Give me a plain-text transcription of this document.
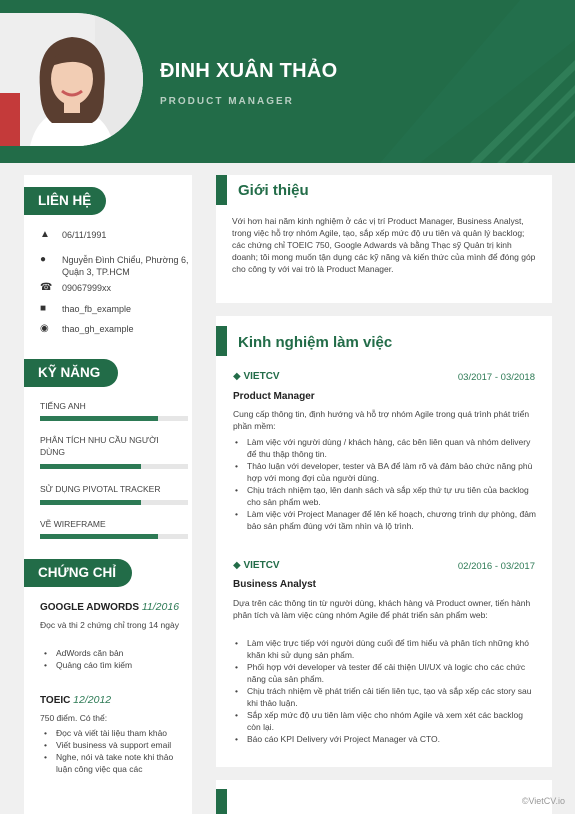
ĐINH XUÂN THẢO
PRODUCT MANAGER
LIÊN HỆ
▲	06/11/1991
●	Nguyễn Đình Chiểu, Phường 6, Quận 3, TP.HCM
☎	09067999xx
■	thao_fb_example
◉	thao_gh_example
KỸ NĂNG
TIẾNG ANH
PHÂN TÍCH NHU CẦU NGƯỜI DÙNG
SỬ DỤNG PIVOTAL TRACKER
VẼ WIREFRAME
CHỨNG CHỈ
GOOGLE ADWORDS 11/2016
Đọc và thi 2 chứng chỉ trong 14 ngày
• AdWords căn bản
• Quảng cáo tìm kiếm
TOEIC 12/2012
750 điểm. Có thể:
• Đọc và viết tài liệu tham khảo
• Viết business và support email
• Nghe, nói và take note khi thảo luận công việc qua các
Giới thiệu
Với hơn hai năm kinh nghiệm ở các vị trí Product Manager, Business Analyst, trong việc hỗ trợ nhóm Agile, tạo, sắp xếp mức độ ưu tiên và quản lý backlog; các chứng chỉ TOEIC 750, Google Adwards và bằng Thạc sỹ Quản trị kinh doanh; tôi mong muốn tận dụng các kỹ năng và kiến thức của mình để đóng góp cho công ty với vai trò là Product Manager.
Kinh nghiệm làm việc
◆ VIETCV	03/2017 - 03/2018
Product Manager
Cung cấp thông tin, định hướng và hỗ trợ nhóm Agile trong quá trình phát triển phần mềm:
• Làm việc với người dùng / khách hàng, các bên liên quan và nhóm delivery để thu thập thông tin.
• Thảo luận với developer, tester và BA để làm rõ và đảm bảo chức năng phù hợp với mong đợi của người dùng.
• Chịu trách nhiệm tạo, lên danh sách và sắp xếp thứ tự ưu tiên của backlog cho sản phẩm web.
• Làm việc với Project Manager để lên kế hoạch, chương trình dự phòng, đảm bảo sản phẩm đúng với tầm nhìn và lộ trình.
◆ VIETCV	02/2016 - 03/2017
Business Analyst
Dựa trên các thông tin từ người dùng, khách hàng và Product owner, tiến hành phân tích và làm việc cùng nhóm Agile để phát triển sản phẩm web:
• Làm việc trực tiếp với người dùng cuối để tìm hiểu và phân tích những khó khăn khi sử dụng sản phẩm.
• Phối hợp với developer và tester để cải thiện UI/UX và logic cho các chức năng của sản phẩm.
• Chịu trách nhiệm về phát triển cải tiến liên tục, tạo và sắp xếp các story sau khi thảo luận.
• Sắp xếp mức độ ưu tiên làm việc cho nhóm Agile và xem xét các backlog còn lại.
• Báo cáo KPI Delivery với Project Manager và CTO.
©VietCV.io
